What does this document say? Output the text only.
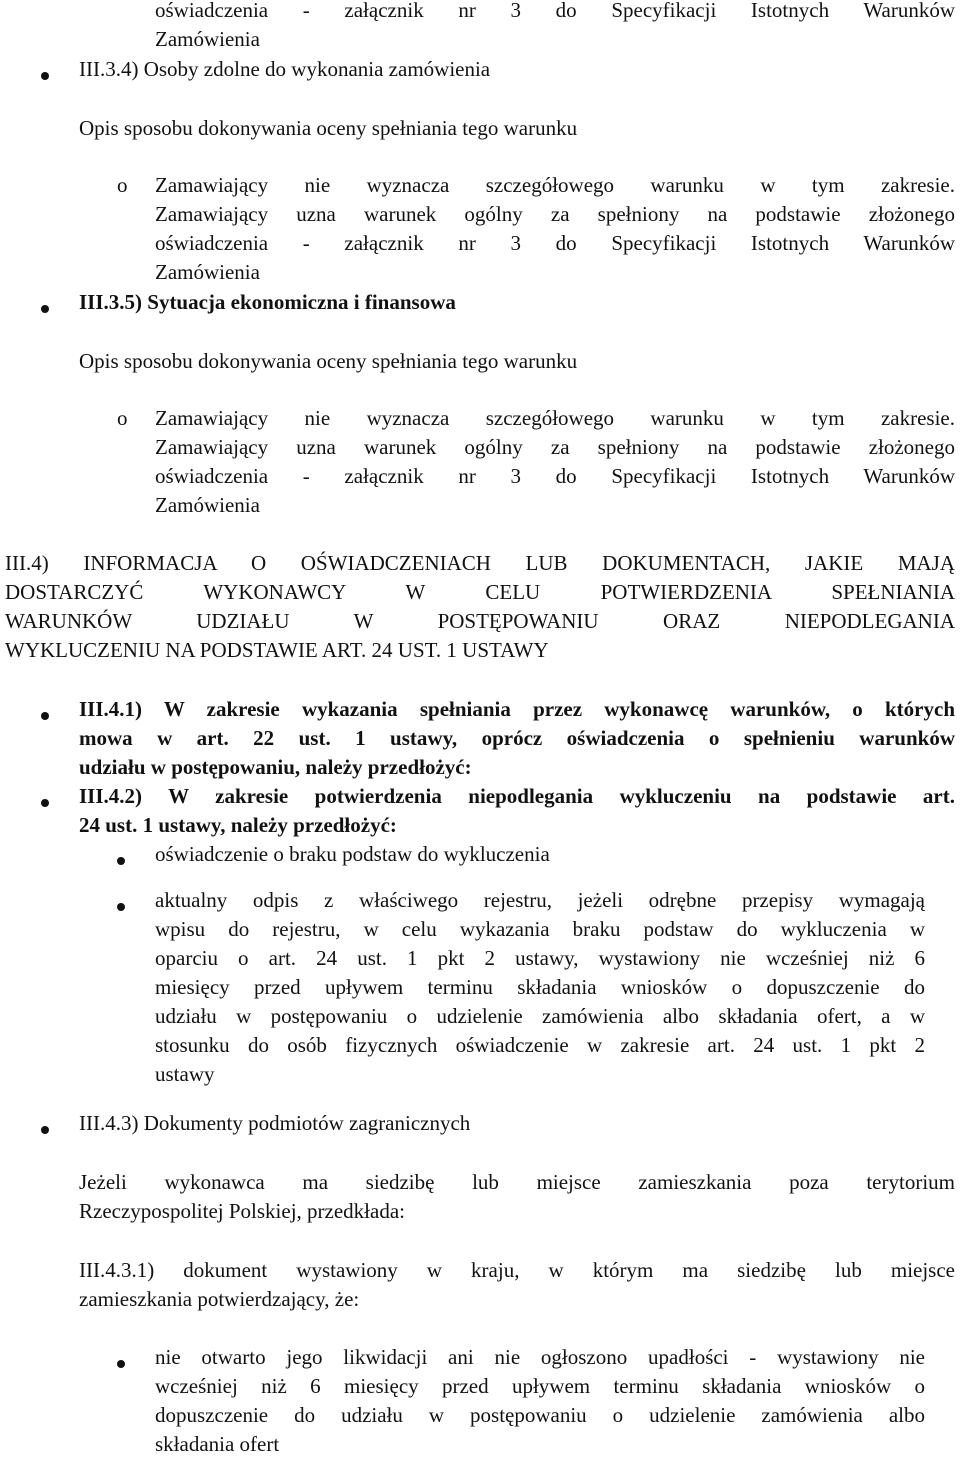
oświadczenia - załącznik nr 3 do Specyfikacji Istotnych Warunków
Zamówienia
III.3.4) Osoby zdolne do wykonania zamówienia
Opis sposobu dokonywania oceny spełniania tego warunku
o Zamawiający nie wyznacza szczegółowego warunku w tym zakresie.
Zamawiający uzna warunek ogólny za spełniony na podstawie złożonego
oświadczenia - załącznik nr 3 do Specyfikacji Istotnych Warunków
Zamówienia
III.3.5) Sytuacja ekonomiczna i finansowa
Opis sposobu dokonywania oceny spełniania tego warunku
o Zamawiający nie wyznacza szczegółowego warunku w tym zakresie.
Zamawiający uzna warunek ogólny za spełniony na podstawie złożonego
oświadczenia - załącznik nr 3 do Specyfikacji Istotnych Warunków
Zamówienia
III.4) INFORMACJA O OŚWIADCZENIACH LUB DOKUMENTACH, JAKIE MAJĄ
DOSTARCZYĆ WYKONAWCY W CELU POTWIERDZENIA SPEŁNIANIA
WARUNKÓW UDZIAŁU W POSTĘPOWANIU ORAZ NIEPODLEGANIA
WYKLUCZENIU NA PODSTAWIE ART. 24 UST. 1 USTAWY
III.4.1) W zakresie wykazania spełniania przez wykonawcę warunków, o których
mowa w art. 22 ust. 1 ustawy, oprócz oświadczenia o spełnieniu warunków
udziału w postępowaniu, należy przedłożyć:
III.4.2) W zakresie potwierdzenia niepodlegania wykluczeniu na podstawie art.
24 ust. 1 ustawy, należy przedłożyć:
oświadczenie o braku podstaw do wykluczenia
aktualny odpis z właściwego rejestru, jeżeli odrębne przepisy wymagają
wpisu do rejestru, w celu wykazania braku podstaw do wykluczenia w
oparciu o art. 24 ust. 1 pkt 2 ustawy, wystawiony nie wcześniej niż 6
miesięcy przed upływem terminu składania wniosków o dopuszczenie do
udziału w postępowaniu o udzielenie zamówienia albo składania ofert, a w
stosunku do osób fizycznych oświadczenie w zakresie art. 24 ust. 1 pkt 2
ustawy
III.4.3) Dokumenty podmiotów zagranicznych
Jeżeli wykonawca ma siedzibę lub miejsce zamieszkania poza terytorium
Rzeczypospolitej Polskiej, przedkłada:
III.4.3.1) dokument wystawiony w kraju, w którym ma siedzibę lub miejsce
zamieszkania potwierdzający, że:
nie otwarto jego likwidacji ani nie ogłoszono upadłości - wystawiony nie
wcześniej niż 6 miesięcy przed upływem terminu składania wniosków o
dopuszczenie do udziału w postępowaniu o udzielenie zamówienia albo
składania ofert
